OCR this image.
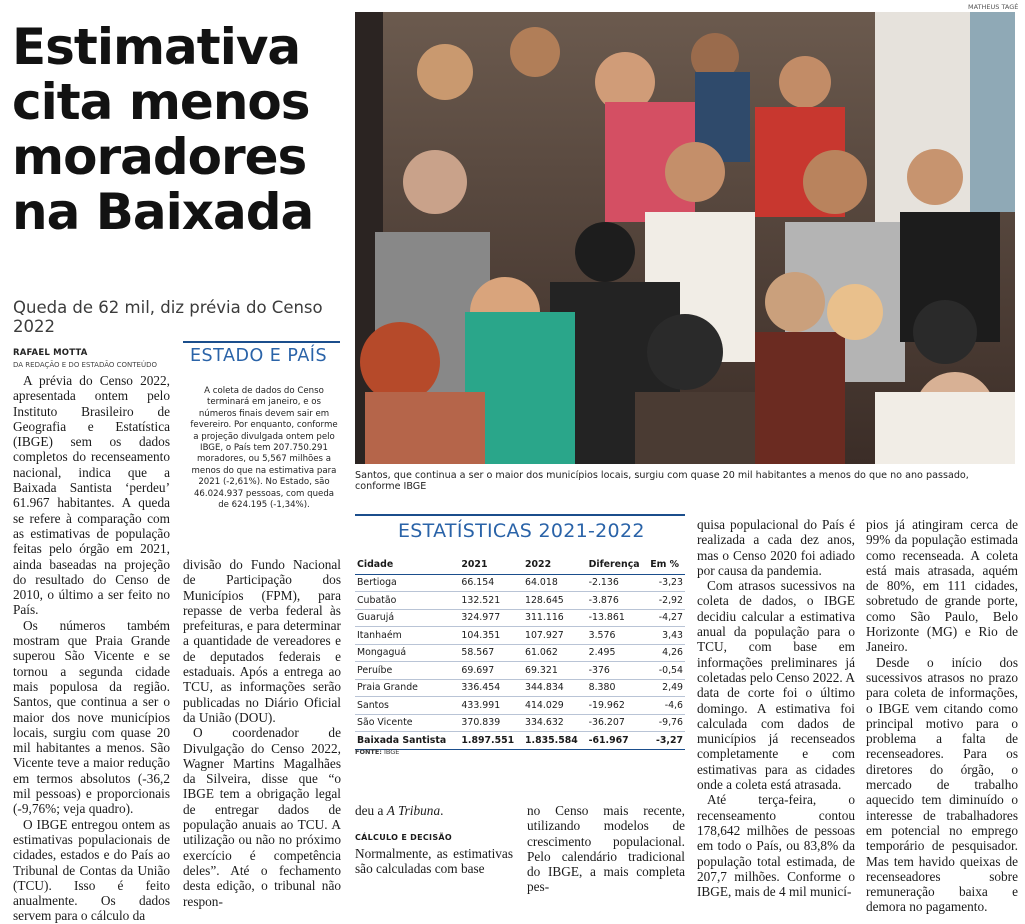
Estimativa
cita menos
moradores
na Baixada
Queda de 62 mil, diz prévia do Censo 2022
RAFAEL MOTTA
DA REDAÇÃO E DO ESTADÃO CONTEÚDO

A prévia do Censo 2022, apresentada ontem pelo Instituto Brasileiro de Geografia e Estatística (IBGE) sem os dados completos do recenseamento nacional, indica que a Baixada Santista ‘perdeu’ 61.967 habitantes. A queda se refere à comparação com as estimativas de população feitas pelo órgão em 2021, ainda baseadas na projeção do resultado do Censo de 2010, o último a ser feito no País.

Os números também mostram que Praia Grande superou São Vicente e se tornou a segunda cidade mais populosa da região. Santos, que continua a ser o maior dos nove municípios locais, surgiu com quase 20 mil habitantes a menos. São Vicente teve a maior redução em termos absolutos (-36,2 mil pessoas) e proporcionais (-9,76%; veja quadro).

O IBGE entregou ontem as estimativas populacionais de cidades, estados e do País ao Tribunal de Contas da União (TCU). Isso é feito anualmente. Os dados servem para o cálculo da

ESTADO E PAÍS
A coleta de dados do Censo terminará em janeiro, e os números finais devem sair em fevereiro. Por enquanto, conforme a projeção divulgada ontem pelo IBGE, o País tem 207.750.291 moradores, ou 5,567 milhões a menos do que na estimativa para 2021 (-2,61%). No Estado, são 46.024.937 pessoas, com queda de 624.195 (-1,34%).

divisão do Fundo Nacional de Participação dos Municípios (FPM), para repasse de verba federal às prefeituras, e para determinar a quantidade de vereadores e de deputados federais e estaduais. Após a entrega ao TCU, as informações serão publicadas no Diário Oficial da União (DOU).

O coordenador de Divulgação do Censo 2022, Wagner Martins Magalhães da Silveira, disse que “o IBGE tem a obrigação legal de entregar dados de população anuais ao TCU. A utilização ou não no próximo exercício é competência deles”. Até o fechamento desta edição, o tribunal não respon-

MATHEUS TAGÉ
Santos, que continua a ser o maior dos municípios locais, surgiu com quase 20 mil habitantes a menos do que no ano passado, conforme IBGE
ESTATÍSTICAS 2021-2022
Cidade	2021	2022	Diferença	Em %
Bertioga	66.154	64.018	-2.136	-3,23
Cubatão	132.521	128.645	-3.876	-2,92
Guarujá	324.977	311.116	-13.861	-4,27
Itanhaém	104.351	107.927	3.576	3,43
Mongaguá	58.567	61.062	2.495	4,26
Peruíbe	69.697	69.321	-376	-0,54
Praia Grande	336.454	344.834	8.380	2,49
Santos	433.991	414.029	-19.962	-4,6
São Vicente	370.839	334.632	-36.207	-9,76
Baixada Santista	1.897.551	1.835.584	-61.967	-3,27
FONTE: IBGE

deu a A Tribuna.

CÁLCULO E DECISÃO

Normalmente, as estimativas são calculadas com base

no Censo mais recente, utilizando modelos de crescimento populacional. Pelo calendário tradicional do IBGE, a mais completa pes-

quisa populacional do País é realizada a cada dez anos, mas o Censo 2020 foi adiado por causa da pandemia.

Com atrasos sucessivos na coleta de dados, o IBGE decidiu calcular a estimativa anual da população para o TCU, com base em informações preliminares já coletadas pelo Censo 2022. A data de corte foi o último domingo. A estimativa foi calculada com dados de municípios já recenseados completamente e com estimativas para as cidades onde a coleta está atrasada.

Até terça-feira, o recenseamento contou 178,642 milhões de pessoas em todo o País, ou 83,8% da população total estimada, de 207,7 milhões. Conforme o IBGE, mais de 4 mil municí-

pios já atingiram cerca de 99% da população estimada como recenseada. A coleta está mais atrasada, aquém de 80%, em 111 cidades, sobretudo de grande porte, como São Paulo, Belo Horizonte (MG) e Rio de Janeiro.

Desde o início dos sucessivos atrasos no prazo para coleta de informações, o IBGE vem citando como principal motivo para o problema a falta de recenseadores. Para os diretores do órgão, o mercado de trabalho aquecido tem diminuído o interesse de trabalhadores em potencial no emprego temporário de pesquisador. Mas tem havido queixas de recenseadores sobre remuneração baixa e demora no pagamento.
